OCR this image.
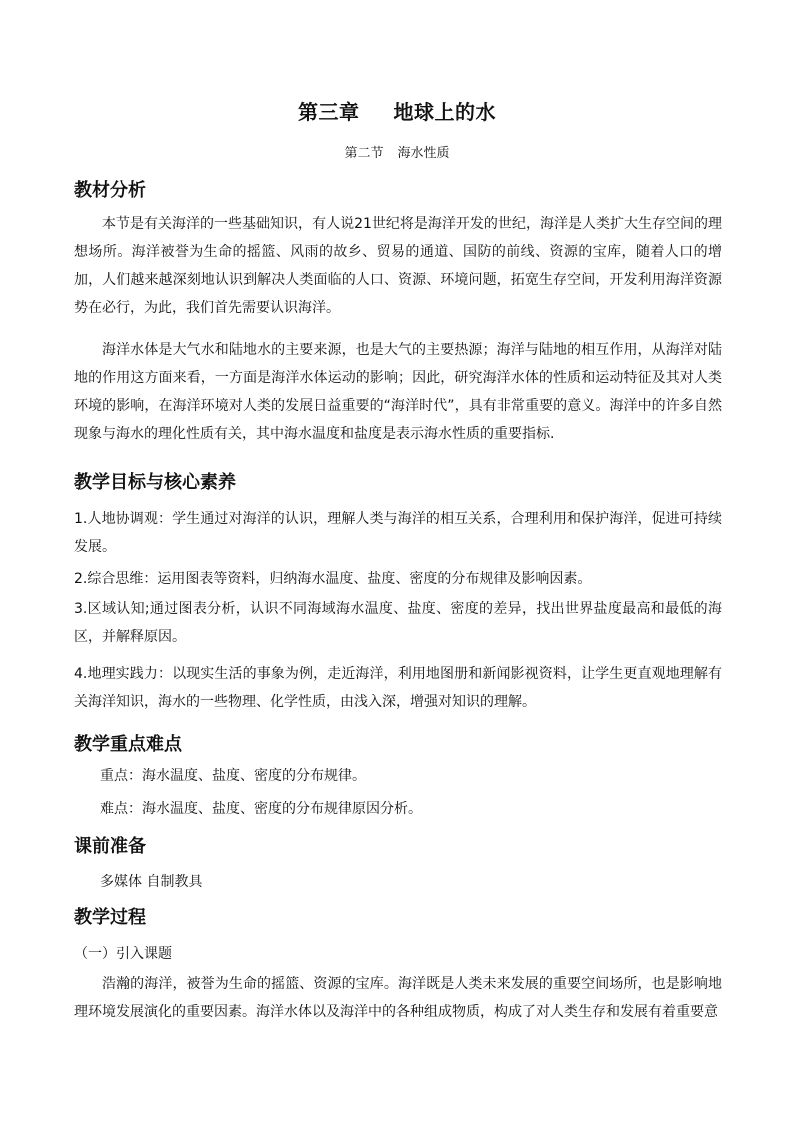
第三章 地球上的水
第二节 海水性质
教材分析

本节是有关海洋的一些基础知识，有人说21世纪将是海洋开发的世纪，海洋是人类扩大生存空间的理想场所。海洋被誉为生命的摇篮、风雨的故乡、贸易的通道、国防的前线、资源的宝库，随着人口的增加，人们越来越深刻地认识到解决人类面临的人口、资源、环境问题，拓宽生存空间，开发利用海洋资源势在必行，为此，我们首先需要认识海洋。

海洋水体是大气水和陆地水的主要来源，也是大气的主要热源；海洋与陆地的相互作用，从海洋对陆地的作用这方面来看，一方面是海洋水体运动的影响；因此，研究海洋水体的性质和运动特征及其对人类环境的影响，在海洋环境对人类的发展日益重要的“海洋时代”，具有非常重要的意义。海洋中的许多自然现象与海水的理化性质有关，其中海水温度和盐度是表示海水性质的重要指标.

教学目标与核心素养

1.人地协调观：学生通过对海洋的认识，理解人类与海洋的相互关系，合理利用和保护海洋，促进可持续发展。

2.综合思维：运用图表等资料，归纳海水温度、盐度、密度的分布规律及影响因素。

3.区域认知;通过图表分析，认识不同海域海水温度、盐度、密度的差异，找出世界盐度最高和最低的海区，并解释原因。

4.地理实践力：以现实生活的事象为例，走近海洋，利用地图册和新闻影视资料，让学生更直观地理解有关海洋知识，海水的一些物理、化学性质，由浅入深，增强对知识的理解。

教学重点难点

重点：海水温度、盐度、密度的分布规律。

难点：海水温度、盐度、密度的分布规律原因分析。

课前准备

多媒体 自制教具

教学过程

（一）引入课题

浩瀚的海洋，被誉为生命的摇篮、资源的宝库。海洋既是人类未来发展的重要空间场所，也是影响地理环境发展演化的重要因素。海洋水体以及海洋中的各种组成物质，构成了对人类生存和发展有着重要意
